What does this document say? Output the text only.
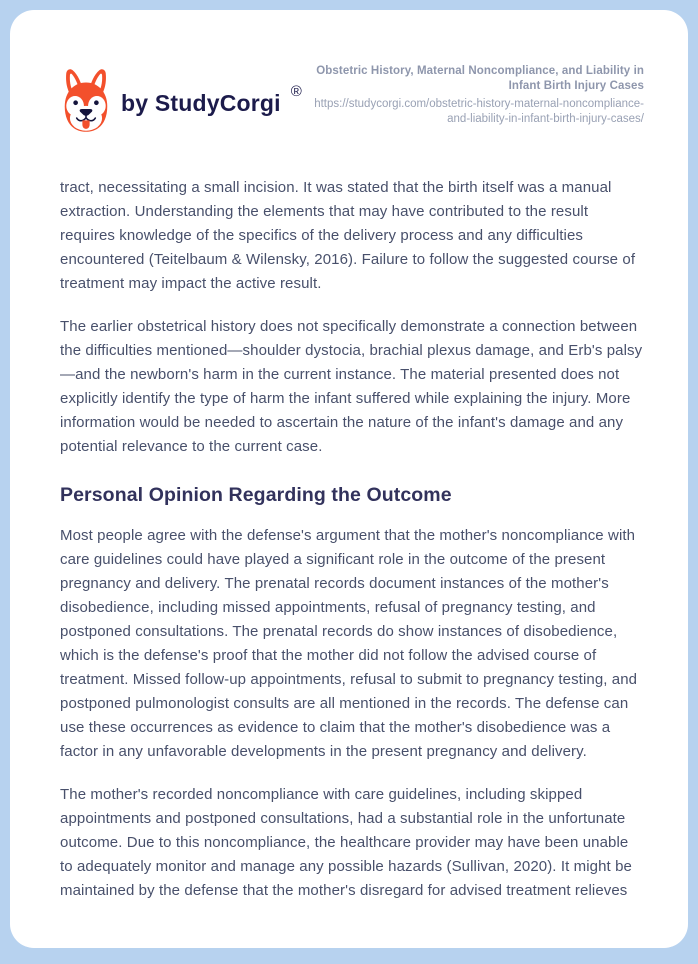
by StudyCorgi ®
Obstetric History, Maternal Noncompliance, and Liability in Infant Birth Injury Cases
https://studycorgi.com/obstetric-history-maternal-noncompliance-and-liability-in-infant-birth-injury-cases/

tract, necessitating a small incision. It was stated that the birth itself was a manual extraction. Understanding the elements that may have contributed to the result requires knowledge of the specifics of the delivery process and any difficulties encountered (Teitelbaum & Wilensky, 2016). Failure to follow the suggested course of treatment may impact the active result.

The earlier obstetrical history does not specifically demonstrate a connection between the difficulties mentioned—shoulder dystocia, brachial plexus damage, and Erb's palsy—and the newborn's harm in the current instance. The material presented does not explicitly identify the type of harm the infant suffered while explaining the injury. More information would be needed to ascertain the nature of the infant's damage and any potential relevance to the current case.

Personal Opinion Regarding the Outcome

Most people agree with the defense's argument that the mother's noncompliance with care guidelines could have played a significant role in the outcome of the present pregnancy and delivery. The prenatal records document instances of the mother's disobedience, including missed appointments, refusal of pregnancy testing, and postponed consultations. The prenatal records do show instances of disobedience, which is the defense's proof that the mother did not follow the advised course of treatment. Missed follow-up appointments, refusal to submit to pregnancy testing, and postponed pulmonologist consults are all mentioned in the records. The defense can use these occurrences as evidence to claim that the mother's disobedience was a factor in any unfavorable developments in the present pregnancy and delivery.

The mother's recorded noncompliance with care guidelines, including skipped appointments and postponed consultations, had a substantial role in the unfortunate outcome. Due to this noncompliance, the healthcare provider may have been unable to adequately monitor and manage any possible hazards (Sullivan, 2020). It might be maintained by the defense that the mother's disregard for advised treatment relieves
